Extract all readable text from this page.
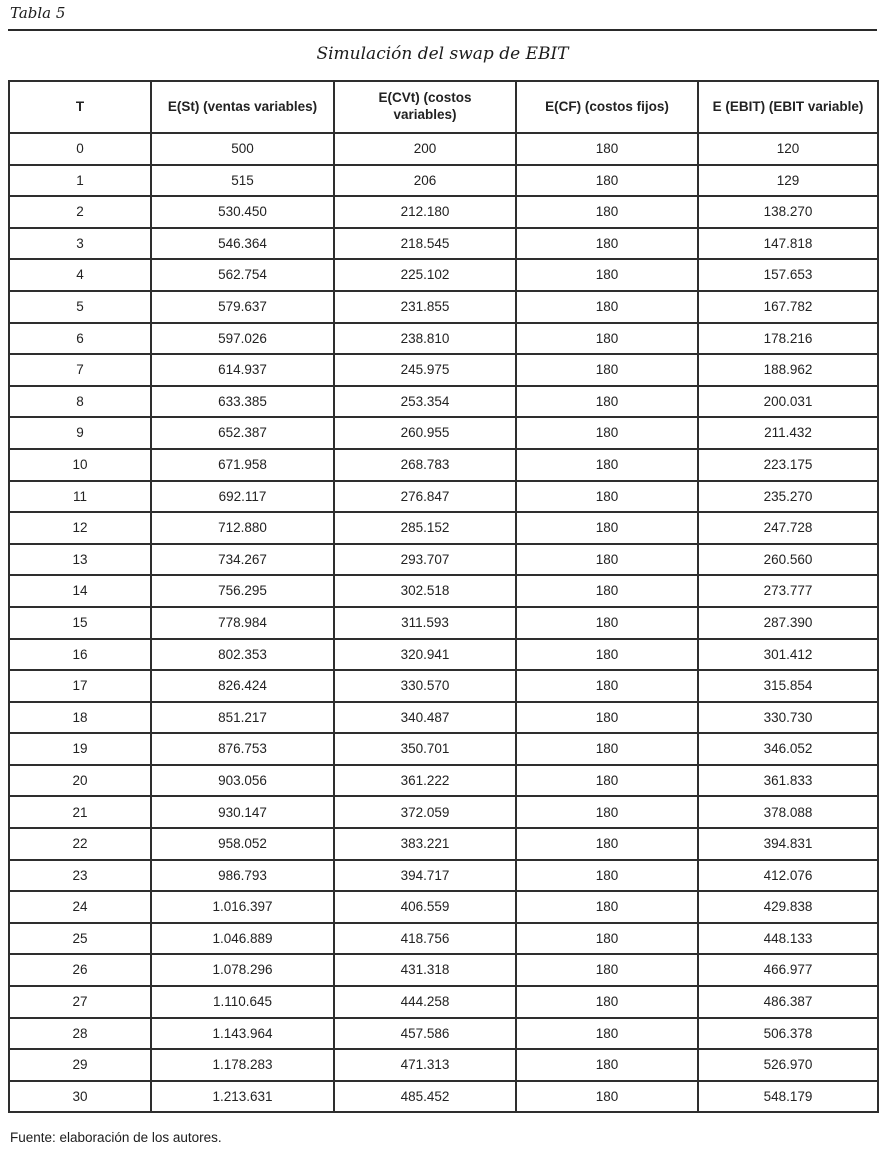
Tabla 5
Simulación del swap de EBIT
T	E(St) (ventas variables)	E(CVt) (costos variables)	E(CF) (costos fijos)	E (EBIT) (EBIT variable)
0	500	200	180	120
1	515	206	180	129
2	530.450	212.180	180	138.270
3	546.364	218.545	180	147.818
4	562.754	225.102	180	157.653
5	579.637	231.855	180	167.782
6	597.026	238.810	180	178.216
7	614.937	245.975	180	188.962
8	633.385	253.354	180	200.031
9	652.387	260.955	180	211.432
10	671.958	268.783	180	223.175
11	692.117	276.847	180	235.270
12	712.880	285.152	180	247.728
13	734.267	293.707	180	260.560
14	756.295	302.518	180	273.777
15	778.984	311.593	180	287.390
16	802.353	320.941	180	301.412
17	826.424	330.570	180	315.854
18	851.217	340.487	180	330.730
19	876.753	350.701	180	346.052
20	903.056	361.222	180	361.833
21	930.147	372.059	180	378.088
22	958.052	383.221	180	394.831
23	986.793	394.717	180	412.076
24	1.016.397	406.559	180	429.838
25	1.046.889	418.756	180	448.133
26	1.078.296	431.318	180	466.977
27	1.110.645	444.258	180	486.387
28	1.143.964	457.586	180	506.378
29	1.178.283	471.313	180	526.970
30	1.213.631	485.452	180	548.179
Fuente: elaboración de los autores.
